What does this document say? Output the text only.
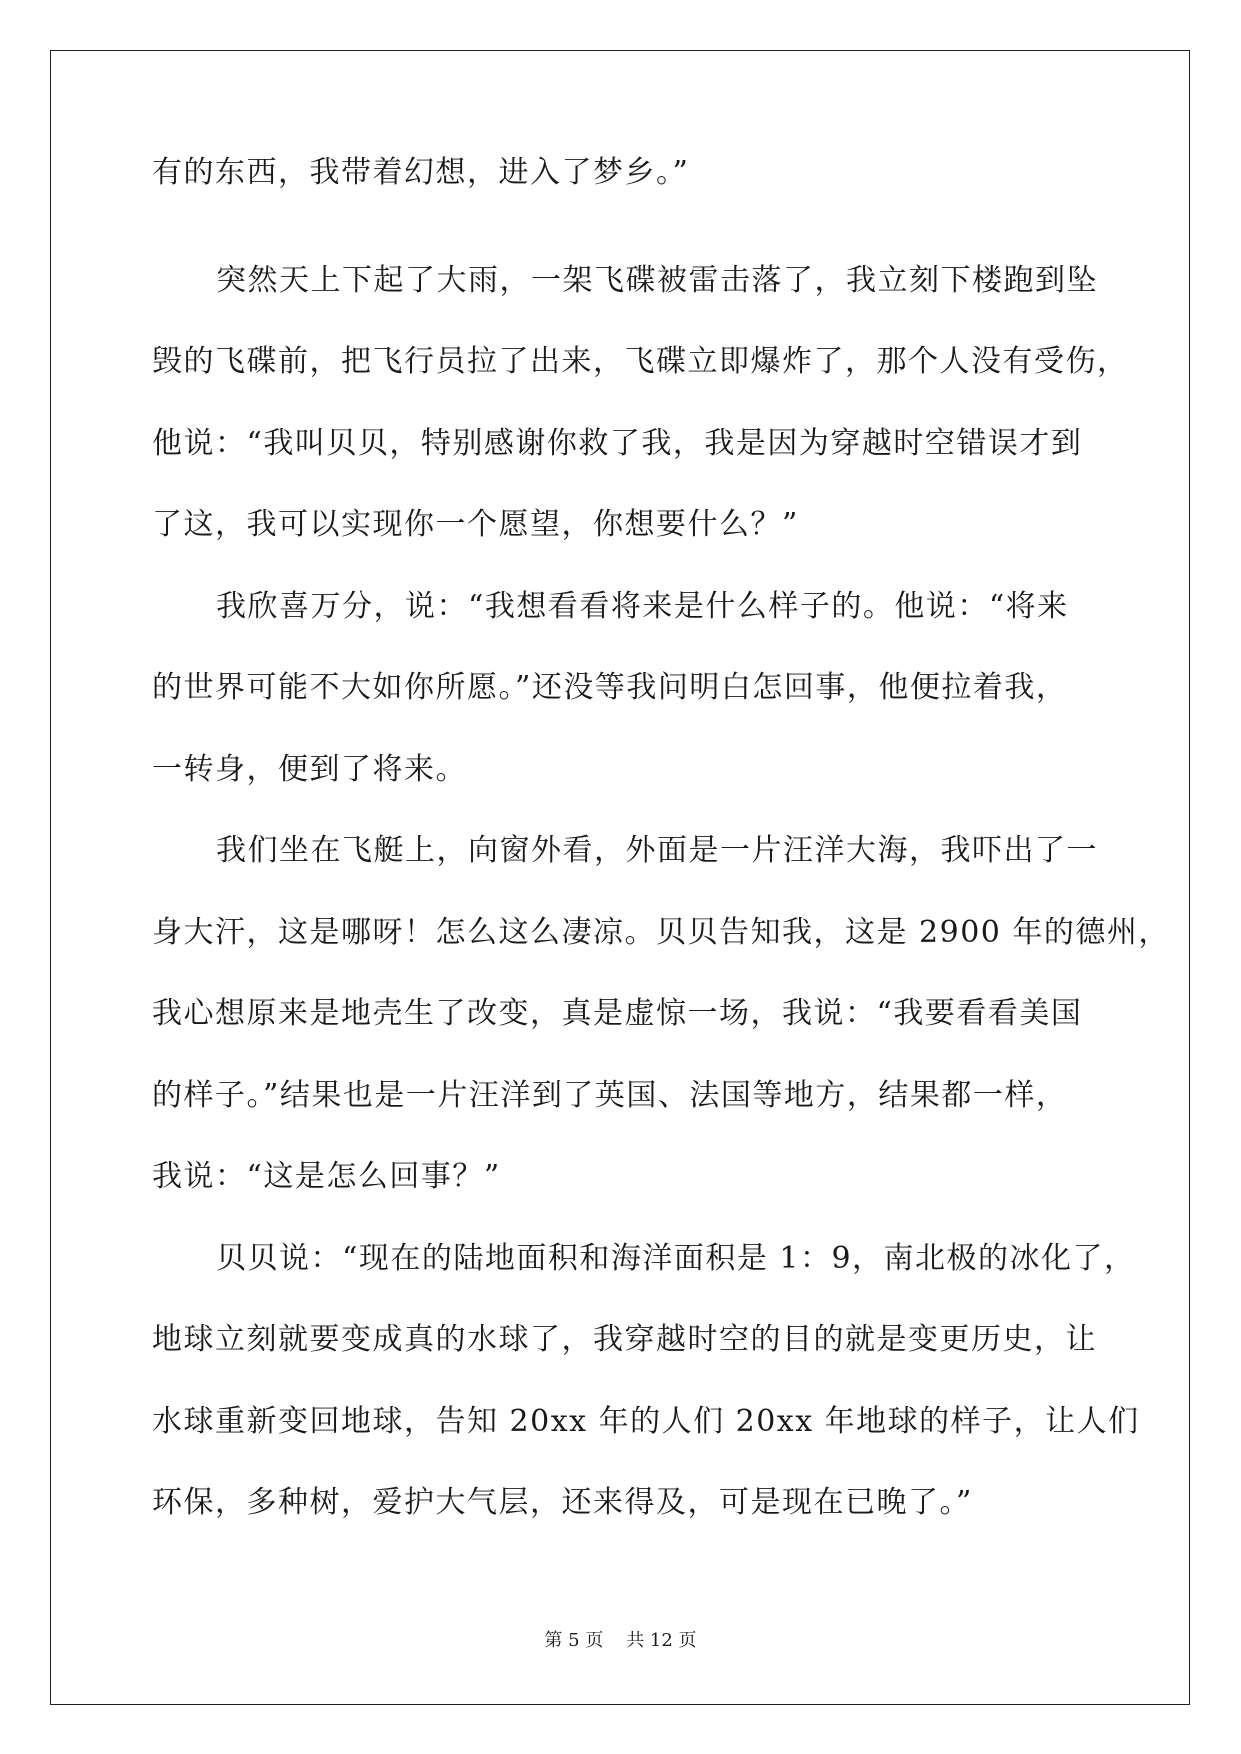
有的东西，我带着幻想，进入了梦乡。”
突然天上下起了大雨，一架飞碟被雷击落了，我立刻下楼跑到坠
毁的飞碟前，把飞行员拉了出来，飞碟立即爆炸了，那个人没有受伤，
他说：“我叫贝贝，特别感谢你救了我，我是因为穿越时空错误才到
了这，我可以实现你一个愿望，你想要什么？”
我欣喜万分，说：“我想看看将来是什么样子的。他说：“将来
的世界可能不大如你所愿。”还没等我问明白怎回事，他便拉着我，
一转身，便到了将来。
我们坐在飞艇上，向窗外看，外面是一片汪洋大海，我吓出了一
身大汗，这是哪呀！怎么这么凄凉。贝贝告知我，这是 2900 年的德州，
我心想原来是地壳生了改变，真是虚惊一场，我说：“我要看看美国
的样子。”结果也是一片汪洋到了英国、法国等地方，结果都一样，
我说：“这是怎么回事？”
贝贝说：“现在的陆地面积和海洋面积是 1：9，南北极的冰化了，
地球立刻就要变成真的水球了，我穿越时空的目的就是变更历史，让
水球重新变回地球，告知 20xx 年的人们 20xx 年地球的样子，让人们
环保，多种树，爱护大气层，还来得及，可是现在已晚了。”
第 5 页    共 12 页
